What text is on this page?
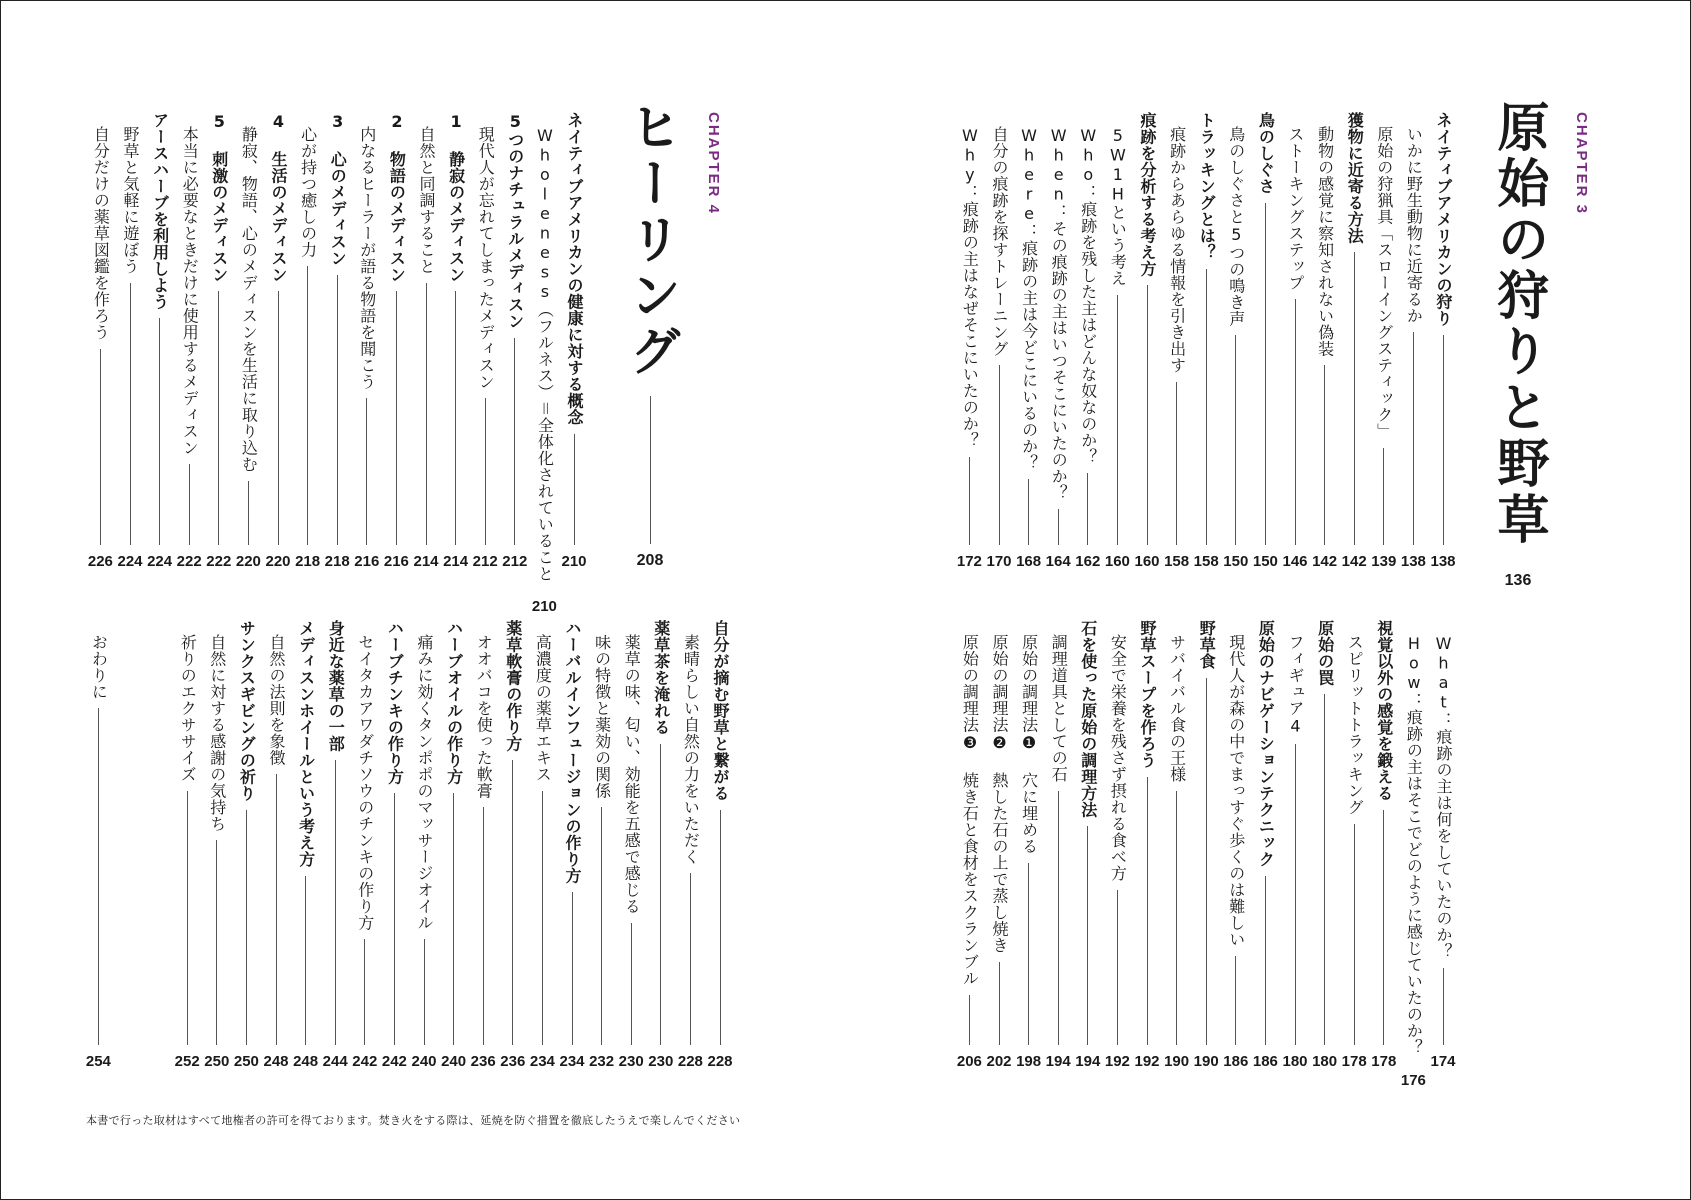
CHAPTER 3
原始の狩りと野草
136
ネイティブアメリカンの狩り
138
いかに野生動物に近寄るか
138
原始の狩猟具「スローイングスティック」
139
獲物に近寄る方法
142
動物の感覚に察知されない偽装
142
ストーキングステップ
146
鳥のしぐさ
150
鳥のしぐさと5つの鳴き声
150
トラッキングとは？
158
痕跡からあらゆる情報を引き出す
158
痕跡を分析する考え方
160
5W1Hという考え
160
Who：痕跡を残した主はどんな奴なのか？
162
When：その痕跡の主はいつそこにいたのか？
164
Where：痕跡の主は今どこにいるのか？
168
自分の痕跡を探すトレーニング
170
Why：痕跡の主はなぜそこにいたのか？
172
What：痕跡の主は何をしていたのか？
174
How：痕跡の主はそこでどのように感じていたのか？
176
視覚以外の感覚を鍛える
178
スピリットトラッキング
178
原始の罠
180
フィギュア4
180
原始のナビゲーションテクニック
186
現代人が森の中でまっすぐ歩くのは難しい
186
野草食
190
サバイバル食の王様
190
野草スープを作ろう
192
安全で栄養を残さず摂れる食べ方
192
石を使った原始の調理方法
194
調理道具としての石
194
原始の調理法❶ 穴に埋める
198
原始の調理法❷ 熱した石の上で蒸し焼き
202
原始の調理法❸ 焼き石と食材をスクランブル
206
CHAPTER 4
ヒーリング
208
ネイティブアメリカンの健康に対する概念
210
Wholeness（フルネス）＝全体化されていること
210
5つのナチュラルメディスン
212
現代人が忘れてしまったメディスン
212
1 静寂のメディスン
214
自然と同調すること
214
2 物語のメディスン
216
内なるヒーラーが語る物語を聞こう
216
3 心のメディスン
218
心が持つ癒しの力
218
4 生活のメディスン
220
静寂、物語、心のメディスンを生活に取り込む
220
5 刺激のメディスン
222
本当に必要なときだけに使用するメディスン
222
アースハーブを利用しよう
224
野草と気軽に遊ぼう
224
自分だけの薬草図鑑を作ろう
226
自分が摘む野草と繋がる
228
素晴らしい自然の力をいただく
228
薬草茶を淹れる
230
薬草の味、匂い、効能を五感で感じる
230
味の特徴と薬効の関係
232
ハーバルインフュージョンの作り方
234
高濃度の薬草エキス
234
薬草軟膏の作り方
236
オオバコを使った軟膏
236
ハーブオイルの作り方
240
痛みに効くタンポポのマッサージオイル
240
ハーブチンキの作り方
242
セイタカアワダチソウのチンキの作り方
242
身近な薬草の一部
244
メディスンホイールという考え方
248
自然の法則を象徴
248
サンクスギビングの祈り
250
自然に対する感謝の気持ち
250
祈りのエクササイズ
252
おわりに
254
本書で行った取材はすべて地権者の許可を得ております。焚き火をする際は、延焼を防ぐ措置を徹底したうえで楽しんでください
